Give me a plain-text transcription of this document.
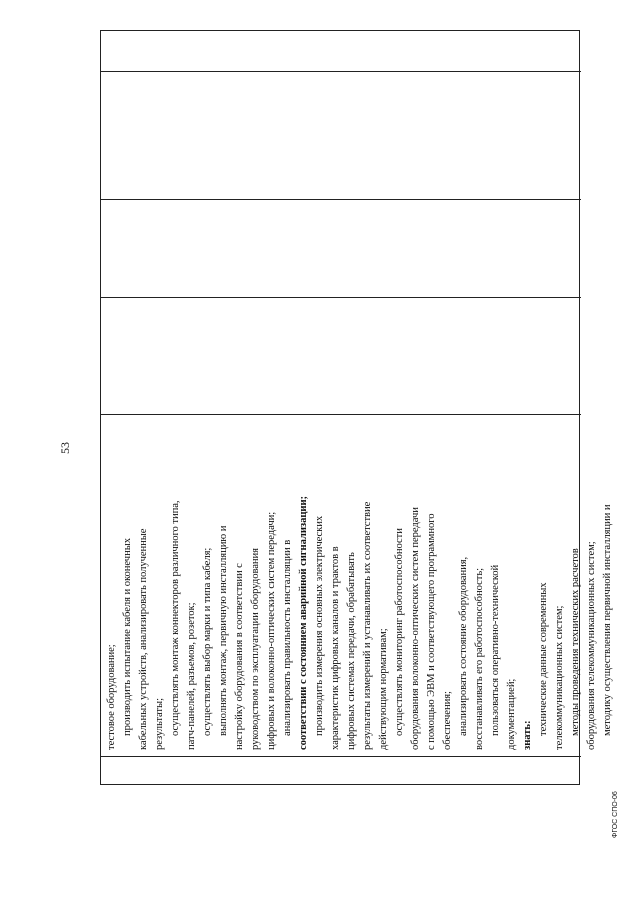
53
тестовое оборудование; производить испытание кабеля и оконечных кабельных устройств, анализировать полученные результаты; осуществлять монтаж коннекторов различного типа, патч-панелей, разъемов, розеток; осуществлять выбор марки и типа кабеля; выполнять монтаж, первичную инсталляцию и настройку оборудования в соответствии с руководством по эксплуатации оборудования цифровых и волоконно-оптических систем передачи; анализировать правильность инсталляции в соответствии с состоянием аварийной сигнализации; производить измерения основных электрических характеристик цифровых каналов и трактов в цифровых системах передачи, обрабатывать результаты измерений и устанавливать их соответствие действующим нормативам; осуществлять мониторинг работоспособности оборудования волоконно-оптических систем передачи с помощью ЭВМ и соответствующего программного обеспечения; анализировать состояние оборудования, восстанавливать его работоспособность; пользоваться оперативно-технической документацией; знать: технические данные современных телекоммуникационных систем; методы проведения технических расчетов оборудования телекоммуникационных систем; методику осуществления первичной инсталляции и
ФГОС СПО-06
